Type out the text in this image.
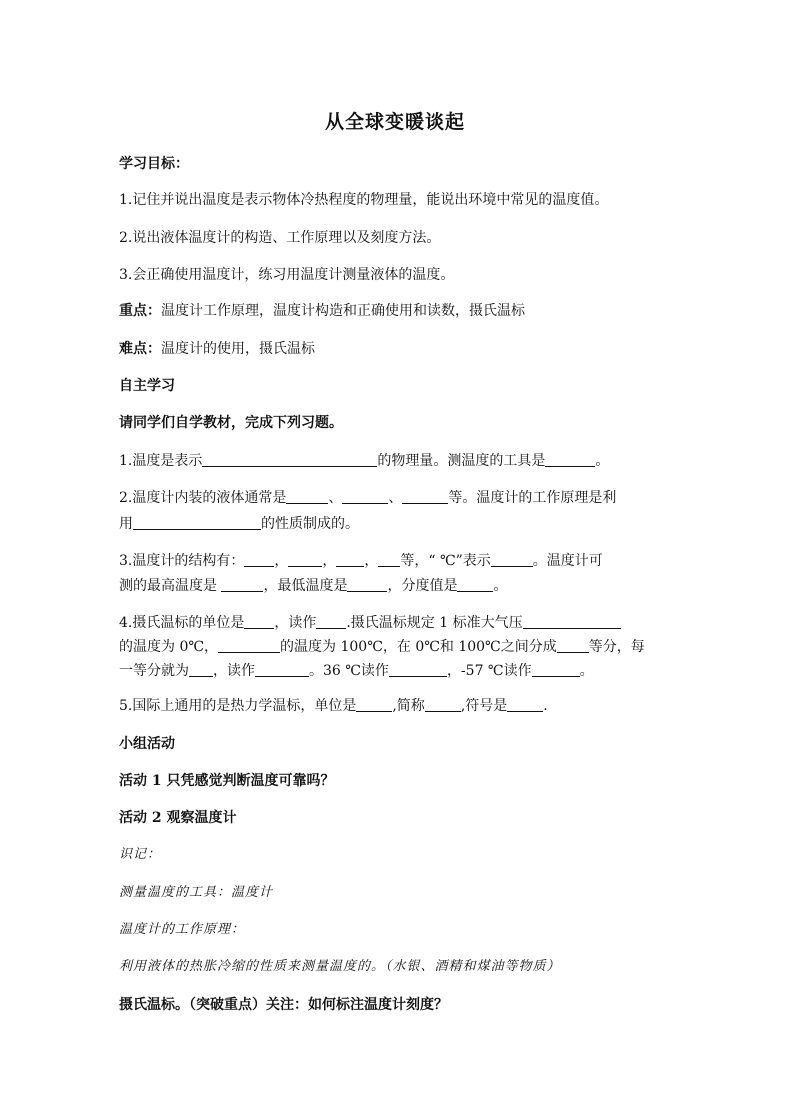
从全球变暖谈起
学习目标：
1.记住并说出温度是表示物体冷热程度的物理量，能说出环境中常见的温度值。
2.说出液体温度计的构造、工作原理以及刻度方法。
3.会正确使用温度计，练习用温度计测量液体的温度。
重点：温度计工作原理，温度计构造和正确使用和读数，摄氏温标
难点：温度计的使用，摄氏温标
自主学习
请同学们自学教材，完成下列习题。
1.温度是表示	的物理量。测温度的工具是	。
2.温度计内装的液体通常是	、	、	等。温度计的工作原理是利
用	的性质制成的。
3.温度计的结构有： ， ， ， 等，“ ℃”表示	。温度计可
测的最高温度是	，最低温度是	，分度值是	。
4.摄氏温标的单位是 ，读作 .摄氏温标规定 1 标准大气压
的温度为 0℃，	的温度为 100℃，在 0℃和 100℃之间分成 等分，每
一等分就为 ，读作	。36 ℃读作	，-57 ℃读作	。
5.国际上通用的是热力学温标，单位是	,简称	,符号是	.
小组活动
活动 1 只凭感觉判断温度可靠吗？
活动 2 观察温度计
识记：
测量温度的工具：温度计
温度计的工作原理：
利用液体的热胀冷缩的性质来测量温度的。（水银、酒精和煤油等物质）
摄氏温标。（突破重点）关注：如何标注温度计刻度？
